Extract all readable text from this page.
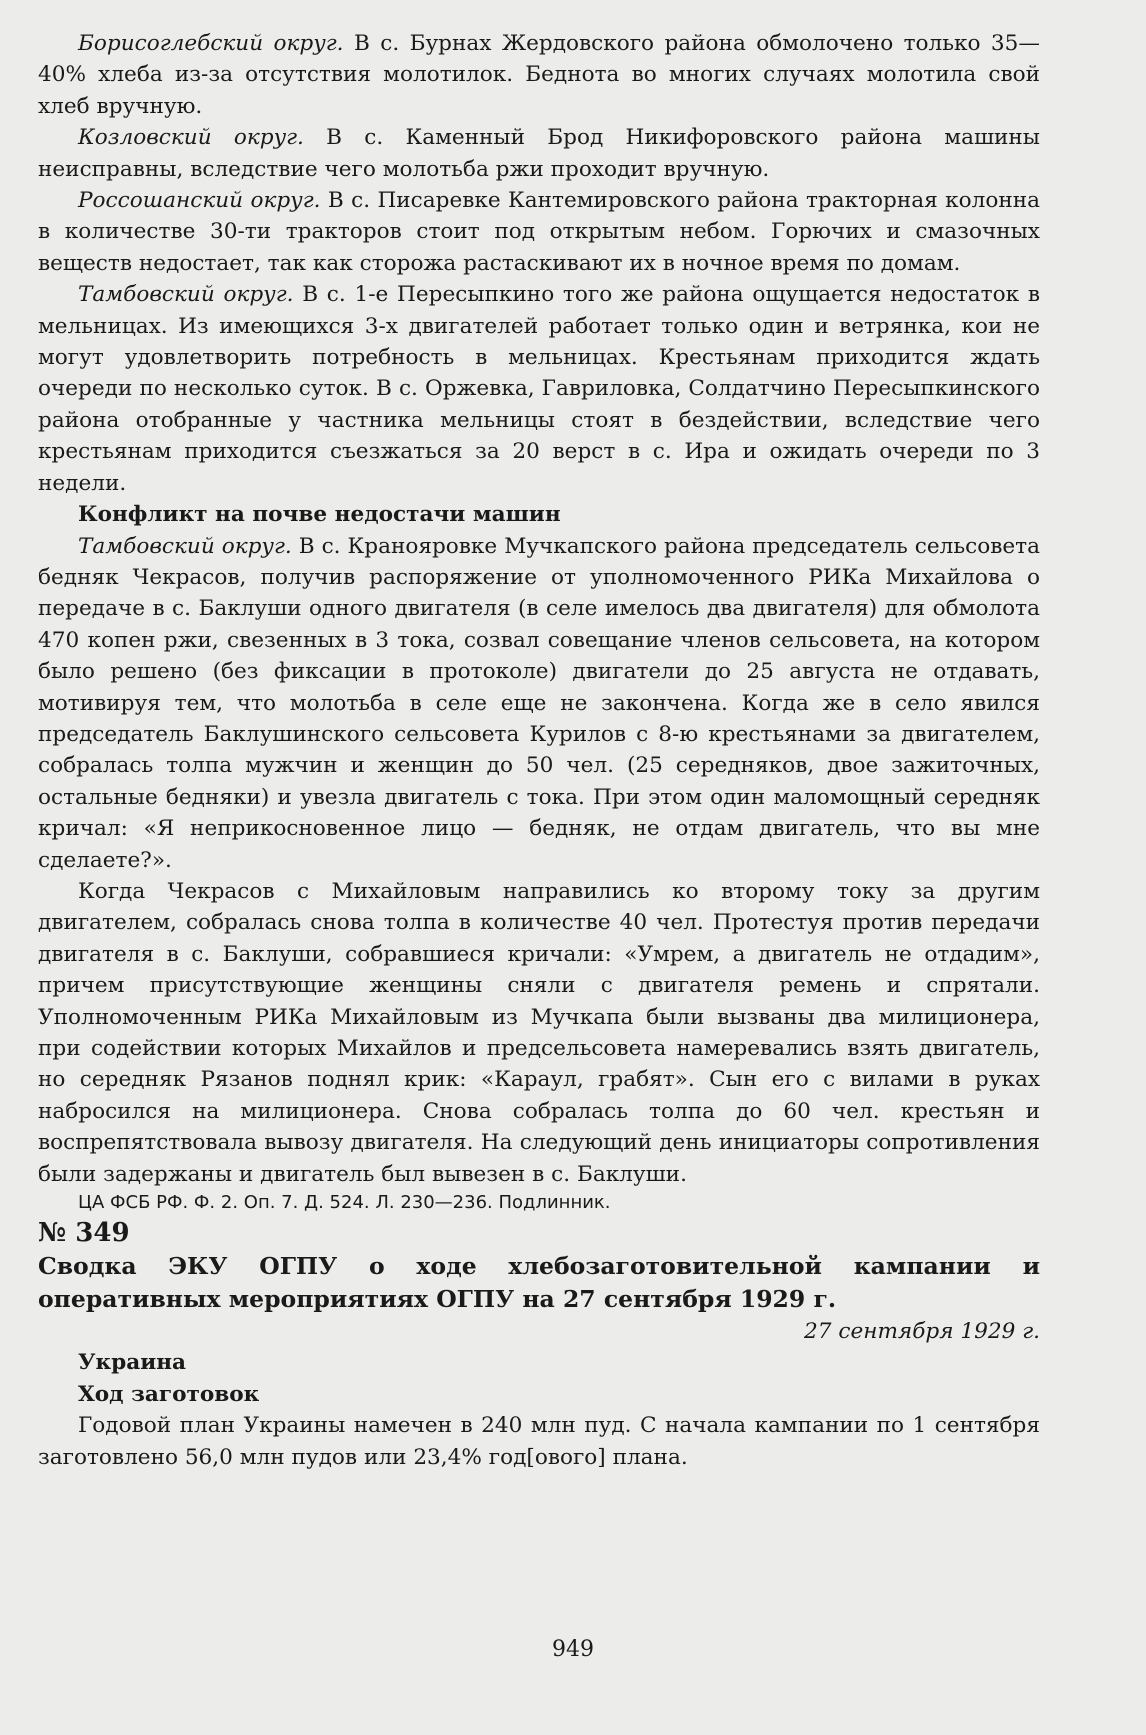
Борисоглебский округ. В с. Бурнах Жердовского района обмолочено только 35—40% хлеба из-за отсутствия молотилок. Беднота во многих случаях молотила свой хлеб вручную.

Козловский округ. В с. Каменный Брод Никифоровского района машины неисправны, вследствие чего молотьба ржи проходит вручную.

Россошанский округ. В с. Писаревке Кантемировского района тракторная колонна в количестве 30-ти тракторов стоит под открытым небом. Горючих и смазочных веществ недостает, так как сторожа растаскивают их в ночное время по домам.

Тамбовский округ. В с. 1-е Пересыпкино того же района ощущается недостаток в мельницах. Из имеющихся 3-х двигателей работает только один и ветрянка, кои не могут удовлетворить потребность в мельницах. Крестьянам приходится ждать очереди по несколько суток. В с. Оржевка, Гавриловка, Солдатчино Пересыпкинского района отобранные у частника мельницы стоят в бездействии, вследствие чего крестьянам приходится съезжаться за 20 верст в с. Ира и ожидать очереди по 3 недели.

Конфликт на почве недостачи машин

Тамбовский округ. В с. Кранояровке Мучкапского района председатель сельсовета бедняк Чекрасов, получив распоряжение от уполномоченного РИКа Михайлова о передаче в с. Баклуши одного двигателя (в селе имелось два двигателя) для обмолота 470 копен ржи, свезенных в 3 тока, созвал совещание членов сельсовета, на котором было решено (без фиксации в протоколе) двигатели до 25 августа не отдавать, мотивируя тем, что молотьба в селе еще не закончена. Когда же в село явился председатель Баклушинского сельсовета Курилов с 8-ю крестьянами за двигателем, собралась толпа мужчин и женщин до 50 чел. (25 середняков, двое зажиточных, остальные бедняки) и увезла двигатель с тока. При этом один маломощный середняк кричал: «Я неприкосновенное лицо — бедняк, не отдам двигатель, что вы мне сделаете?».

Когда Чекрасов с Михайловым направились ко второму току за другим двигателем, собралась снова толпа в количестве 40 чел. Протестуя против передачи двигателя в с. Баклуши, собравшиеся кричали: «Умрем, а двигатель не отдадим», причем присутствующие женщины сняли с двигателя ремень и спрятали. Уполномоченным РИКа Михайловым из Мучкапа были вызваны два милиционера, при содействии которых Михайлов и предсельсовета намеревались взять двигатель, но середняк Рязанов поднял крик: «Караул, грабят». Сын его с вилами в руках набросился на милиционера. Снова собралась толпа до 60 чел. крестьян и воспрепятствовала вывозу двигателя. На следующий день инициаторы сопротивления были задержаны и двигатель был вывезен в с. Баклуши.

ЦА ФСБ РФ. Ф. 2. Оп. 7. Д. 524. Л. 230—236. Подлинник.

№ 349
Сводка ЭКУ ОГПУ о ходе хлебозаготовительной кампании и оперативных мероприятиях ОГПУ на 27 сентября 1929 г.
27 сентября 1929 г.
Украина
Ход заготовок

Годовой план Украины намечен в 240 млн пуд. С начала кампании по 1 сентября заготовлено 56,0 млн пудов или 23,4% год[ового] плана.

949
